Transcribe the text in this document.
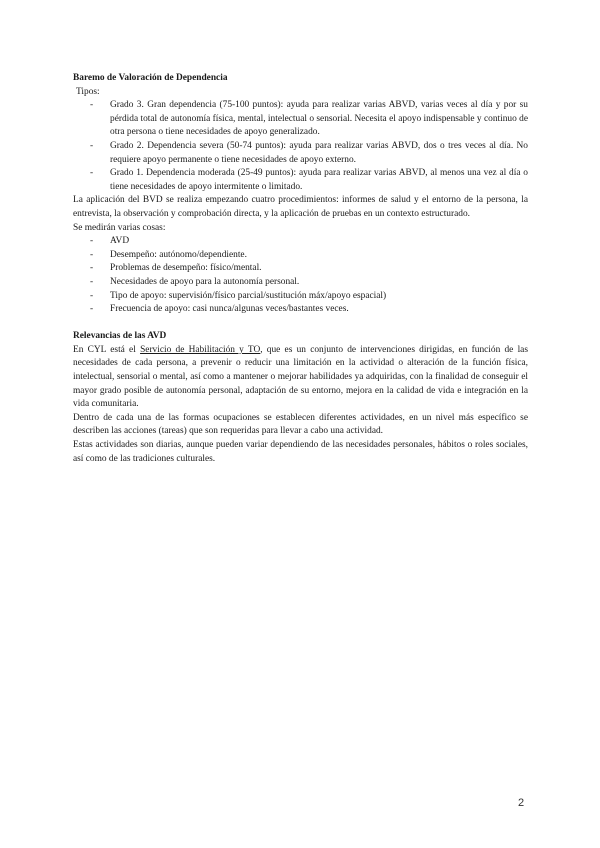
Baremo de Valoración de Dependencia

Tipos:

- Grado 3. Gran dependencia (75-100 puntos): ayuda para realizar varias ABVD, varias veces al día y por su pérdida total de autonomía física, mental, intelectual o sensorial. Necesita el apoyo indispensable y continuo de otra persona o tiene necesidades de apoyo generalizado.
- Grado 2. Dependencia severa (50-74 puntos): ayuda para realizar varias ABVD, dos o tres veces al día. No requiere apoyo permanente o tiene necesidades de apoyo externo.
- Grado 1. Dependencia moderada (25-49 puntos): ayuda para realizar varias ABVD, al menos una vez al día o tiene necesidades de apoyo intermitente o limitado.

La aplicación del BVD se realiza empezando cuatro procedimientos: informes de salud y el entorno de la persona, la entrevista, la observación y comprobación directa, y la aplicación de pruebas en un contexto estructurado.

Se medirán varias cosas:

- AVD
- Desempeño: autónomo/dependiente.
- Problemas de desempeño: físico/mental.
- Necesidades de apoyo para la autonomía personal.
- Tipo de apoyo: supervisión/físico parcial/sustitución máx/apoyo espacial)
- Frecuencia de apoyo: casi nunca/algunas veces/bastantes veces.

Relevancias de las AVD

En CYL está el Servicio de Habilitación y TO, que es un conjunto de intervenciones dirigidas, en función de las necesidades de cada persona, a prevenir o reducir una limitación en la actividad o alteración de la función física, intelectual, sensorial o mental, así como a mantener o mejorar habilidades ya adquiridas, con la finalidad de conseguir el mayor grado posible de autonomía personal, adaptación de su entorno, mejora en la calidad de vida e integración en la vida comunitaria.

Dentro de cada una de las formas ocupaciones se establecen diferentes actividades, en un nivel más específico se describen las acciones (tareas) que son requeridas para llevar a cabo una actividad.

Estas actividades son diarias, aunque pueden variar dependiendo de las necesidades personales, hábitos o roles sociales, así como de las tradiciones culturales.

2
